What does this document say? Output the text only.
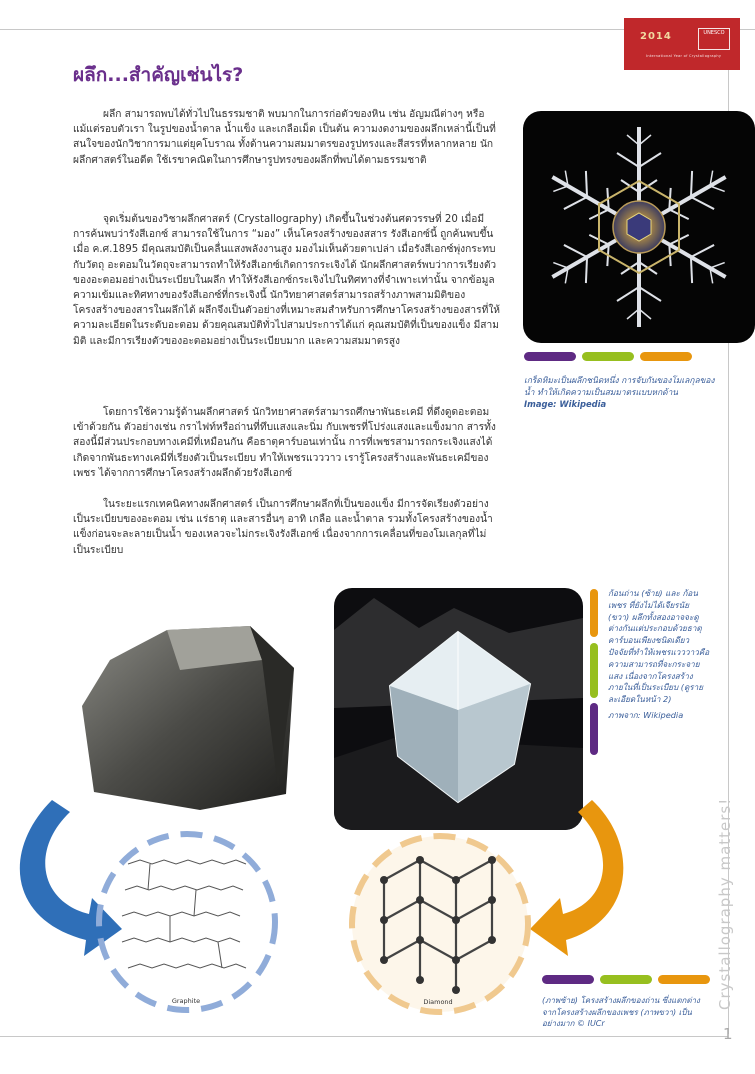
2014	UNESCO
International Year of Crystallography
ผลึก...สำคัญเช่นไร?

ผลึก สามารถพบได้ทั่วไปในธรรมชาติ พบมากในการก่อตัวของหิน เช่น อัญมณีต่างๆ หรือแม้แต่รอบตัวเรา ในรูปของน้ำตาล น้ำแข็ง และเกลือเม็ด เป็นต้น ความงดงามของผลึกเหล่านี้เป็นที่สนใจของนักวิชาการมาแต่ยุคโบราณ ทั้งด้านความสมมาตรของรูปทรงและสีสรรที่หลากหลาย นักผลึกศาสตร์ในอดีต ใช้เรขาคณิตในการศึกษารูปทรงของผลึกที่พบได้ตามธรรมชาติ

จุดเริ่มต้นของวิชาผลึกศาสตร์ (Crystallography) เกิดขึ้นในช่วงต้นศตวรรษที่ 20 เมื่อมีการค้นพบว่ารังสีเอกซ์ สามารถใช้ในการ “มอง” เห็นโครงสร้างของสสาร รังสีเอกซ์นี้ ถูกค้นพบขึ้นเมื่อ ค.ศ.1895 มีคุณสมบัติเป็นคลื่นแสงพลังงานสูง มองไม่เห็นด้วยตาเปล่า เมื่อรังสีเอกซ์พุ่งกระทบกับวัตถุ อะตอมในวัตถุจะสามารถทำให้รังสีเอกซ์เกิดการกระเจิงได้ นักผลึกศาสตร์พบว่าการเรียงตัวของอะตอมอย่างเป็นระเบียบในผลึก ทำให้รังสีเอกซ์กระเจิงไปในทิศทางที่จำเพาะเท่านั้น จากข้อมูลความเข้มและทิศทางของรังสีเอกซ์ที่กระเจิงนี้ นักวิทยาศาสตร์สามารถสร้างภาพสามมิติของโครงสร้างของสารในผลึกได้ ผลึกจึงเป็นตัวอย่างที่เหมาะสมสำหรับการศึกษาโครงสร้างของสารที่ให้ความละเอียดในระดับอะตอม ด้วยคุณสมบัติทั่วไปสามประการได้แก่ คุณสมบัติที่เป็นของแข็ง มีสามมิติ และมีการเรียงตัวของอะตอมอย่างเป็นระเบียบมาก และความสมมาตรสูง

โดยการใช้ความรู้ด้านผลึกศาสตร์ นักวิทยาศาสตร์สามารถศึกษาพันธะเคมี ที่ดึงดูดอะตอมเข้าด้วยกัน ตัวอย่างเช่น กราไฟท์หรือถ่านที่ทึบแสงและนิ่ม กับเพชรที่โปร่งแสงและแข็งมาก สารทั้งสองนี้มีส่วนประกอบทางเคมีที่เหมือนกัน คือธาตุคาร์บอนเท่านั้น การที่เพชรสามารถกระเจิงแสงได้ เกิดจากพันธะทางเคมีที่เรียงตัวเป็นระเบียบ ทำให้เพชรแวววาว เรารู้โครงสร้างและพันธะเคมีของเพชร ได้จากการศึกษาโครงสร้างผลึกด้วยรังสีเอกซ์

ในระยะแรกเทคนิคทางผลึกศาสตร์ เป็นการศึกษาผลึกที่เป็นของแข็ง มีการจัดเรียงตัวอย่างเป็นระเบียบของอะตอม เช่น แร่ธาตุ และสารอื่นๆ อาทิ เกลือ และน้ำตาล รวมทั้งโครงสร้างของน้ำแข็งก่อนจะละลายเป็นน้ำ ของเหลวจะไม่กระเจิงรังสีเอกซ์ เนื่องจากการเคลื่อนที่ของโมเลกุลที่ไม่เป็นระเบียบ

เกร็ดหิมะเป็นผลึกชนิดหนึ่ง การจับกันของโมเลกุลของน้ำ ทำให้เกิดความเป็นสมมาตรแบบหกด้าน
Image: Wikipedia
ก้อนถ่าน (ซ้าย) และ ก้อนเพชร ที่ยังไม่ได้เจียรนัย (ขวา) ผลึกทั้งสองอาจจะดูต่างกันแต่ประกอบด้วยธาตุคาร์บอนเพียงชนิดเดียว ปัจจัยที่ทำให้เพชรแวววาวคือความสามารถที่จะกระจายแสง เนื่องจากโครงสร้างภายในที่เป็นระเบียบ (ดูรายละเอียดในหน้า 2)
ภาพจาก: Wikipedia
Graphite	Diamond	(ภาพซ้าย) โครงสร้างผลึกของถ่าน ซึ่งแตกต่างจากโครงสร้างผลึกของเพชร (ภาพขวา) เป็นอย่างมาก © IUCr
Crystallography matters!
1
